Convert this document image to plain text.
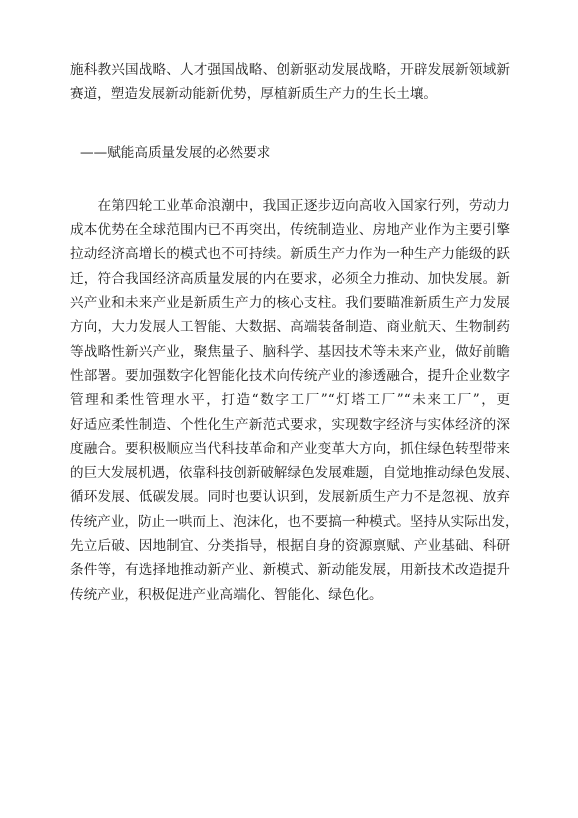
施科教兴国战略、人才强国战略、创新驱动发展战略，开辟发展新领域新
赛道，塑造发展新动能新优势，厚植新质生产力的生长土壤。
——赋能高质量发展的必然要求
　　在第四轮工业革命浪潮中，我国正逐步迈向高收入国家行列，劳动力
成本优势在全球范围内已不再突出，传统制造业、房地产业作为主要引擎
拉动经济高增长的模式也不可持续。新质生产力作为一种生产力能级的跃
迁，符合我国经济高质量发展的内在要求，必须全力推动、加快发展。新
兴产业和未来产业是新质生产力的核心支柱。我们要瞄准新质生产力发展
方向，大力发展人工智能、大数据、高端装备制造、商业航天、生物制药
等战略性新兴产业，聚焦量子、脑科学、基因技术等未来产业，做好前瞻
性部署。要加强数字化智能化技术向传统产业的渗透融合，提升企业数字
管理和柔性管理水平，打造“数字工厂”“灯塔工厂”“未来工厂”，更
好适应柔性制造、个性化生产新范式要求，实现数字经济与实体经济的深
度融合。要积极顺应当代科技革命和产业变革大方向，抓住绿色转型带来
的巨大发展机遇，依靠科技创新破解绿色发展难题，自觉地推动绿色发展、
循环发展、低碳发展。同时也要认识到，发展新质生产力不是忽视、放弃
传统产业，防止一哄而上、泡沫化，也不要搞一种模式。坚持从实际出发，
先立后破、因地制宜、分类指导，根据自身的资源禀赋、产业基础、科研
条件等，有选择地推动新产业、新模式、新动能发展，用新技术改造提升
传统产业，积极促进产业高端化、智能化、绿色化。
